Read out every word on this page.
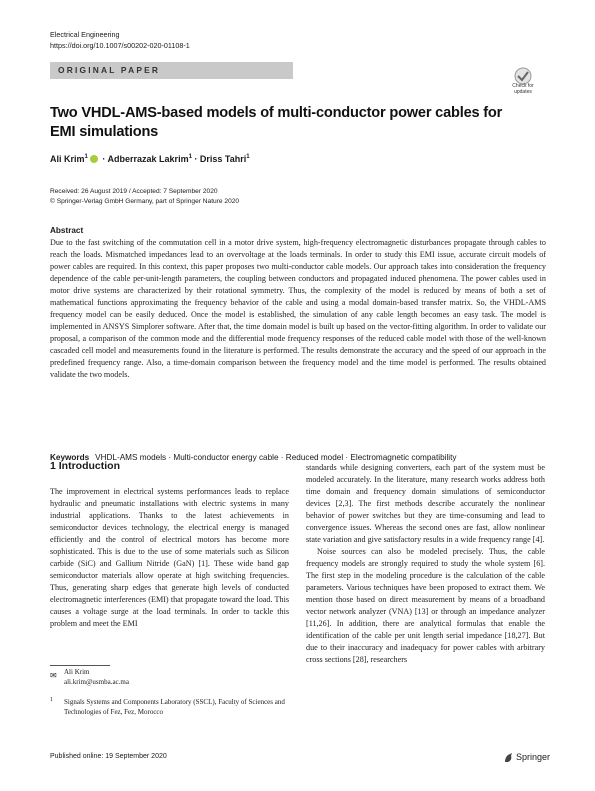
Electrical Engineering
https://doi.org/10.1007/s00202-020-01108-1
ORIGINAL PAPER
Check for updates
Two VHDL-AMS-based models of multi-conductor power cables for EMI simulations
Ali Krim$^1$ · Adberrazak Lakrim$^1$ · Driss Tahri$^1$
Received: 26 August 2019 / Accepted: 7 September 2020
© Springer-Verlag GmbH Germany, part of Springer Nature 2020
Abstract
Due to the fast switching of the commutation cell in a motor drive system, high-frequency electromagnetic disturbances propagate through cables to reach the loads. Mismatched impedances lead to an overvoltage at the loads terminals. In order to study this EMI issue, accurate circuit models of power cables are required. In this context, this paper proposes two multi-conductor cable models. Our approach takes into consideration the frequency dependence of the cable per-unit-length parameters, the coupling between conductors and propagated induced phenomena. The power cables used in motor drive systems are characterized by their rotational symmetry. Thus, the complexity of the model is reduced by means of both a set of mathematical functions approximating the frequency behavior of the cable and using a modal domain-based transfer matrix. So, the VHDL-AMS frequency model can be easily deduced. Once the model is established, the simulation of any cable length becomes an easy task. The model is implemented in ANSYS Simplorer software. After that, the time domain model is built up based on the vector-fitting algorithm. In order to validate our proposal, a comparison of the common mode and the differential mode frequency responses of the reduced cable model with those of the well-known cascaded cell model and measurements found in the literature is performed. The results demonstrate the accuracy and the speed of our approach in the predefined frequency range. Also, a time-domain comparison between the frequency model and the time model is performed. The results obtained validate the two models.
Keywords VHDL-AMS models · Multi-conductor energy cable · Reduced model · Electromagnetic compatibility
1 Introduction
The improvement in electrical systems performances leads to replace hydraulic and pneumatic installations with electric systems in many industrial applications. Thanks to the latest achievements in semiconductor devices technology, the electrical energy is managed efficiently and the control of electrical motors has become more sophisticated. This is due to the use of some materials such as Silicon carbide (SiC) and Gallium Nitride (GaN) [1]. These wide band gap semiconductor materials allow operate at high switching frequencies. Thus, generating sharp edges that generate high levels of conducted electromagnetic interferences (EMI) that propagate toward the load. This causes a voltage surge at the load terminals. In order to tackle this problem and meet the EMI

standards while designing converters, each part of the system must be modeled accurately. In the literature, many research works address both time domain and frequency domain simulations of semiconductor devices [2,3]. The first methods describe accurately the nonlinear behavior of power switches but they are time-consuming and lead to convergence issues. Whereas the second ones are fast, allow nonlinear state variation and give satisfactory results in a wide frequency range [4].

Noise sources can also be modeled precisely. Thus, the cable frequency models are strongly required to study the whole system [6]. The first step in the modeling procedure is the calculation of the cable parameters. Various techniques have been proposed to extract them. We mention those based on direct measurement by means of a broadband vector network analyzer (VNA) [13] or through an impedance analyzer [11,26]. In addition, there are analytical formulas that enable the identification of the cable per unit length serial impedance [18,27]. But due to their inaccuracy and inadequacy for power cables with arbitrary cross sections [28], researchers

✉ Ali Krim
ali.krim@usmba.ac.ma
1 Signals Systems and Components Laboratory (SSCL), Faculty of Sciences and Technologies of Fez, Fez, Morocco
Published online: 19 September 2020	Springer
